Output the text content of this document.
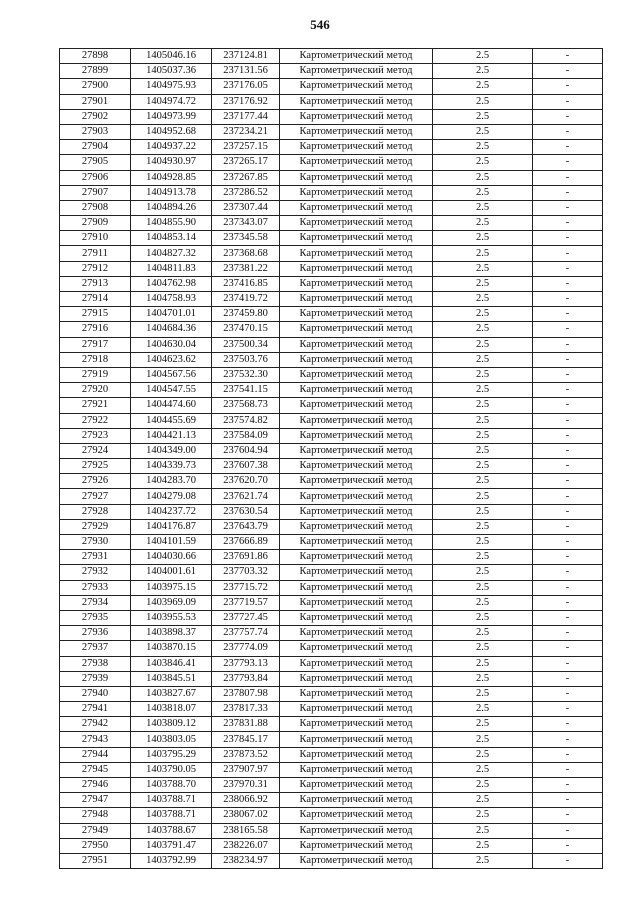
546
27898	1405046.16	237124.81	Картометрический метод	2.5	-
27899	1405037.36	237131.56	Картометрический метод	2.5	-
27900	1404975.93	237176.05	Картометрический метод	2.5	-
27901	1404974.72	237176.92	Картометрический метод	2.5	-
27902	1404973.99	237177.44	Картометрический метод	2.5	-
27903	1404952.68	237234.21	Картометрический метод	2.5	-
27904	1404937.22	237257.15	Картометрический метод	2.5	-
27905	1404930.97	237265.17	Картометрический метод	2.5	-
27906	1404928.85	237267.85	Картометрический метод	2.5	-
27907	1404913.78	237286.52	Картометрический метод	2.5	-
27908	1404894.26	237307.44	Картометрический метод	2.5	-
27909	1404855.90	237343.07	Картометрический метод	2.5	-
27910	1404853.14	237345.58	Картометрический метод	2.5	-
27911	1404827.32	237368.68	Картометрический метод	2.5	-
27912	1404811.83	237381.22	Картометрический метод	2.5	-
27913	1404762.98	237416.85	Картометрический метод	2.5	-
27914	1404758.93	237419.72	Картометрический метод	2.5	-
27915	1404701.01	237459.80	Картометрический метод	2.5	-
27916	1404684.36	237470.15	Картометрический метод	2.5	-
27917	1404630.04	237500.34	Картометрический метод	2.5	-
27918	1404623.62	237503.76	Картометрический метод	2.5	-
27919	1404567.56	237532.30	Картометрический метод	2.5	-
27920	1404547.55	237541.15	Картометрический метод	2.5	-
27921	1404474.60	237568.73	Картометрический метод	2.5	-
27922	1404455.69	237574.82	Картометрический метод	2.5	-
27923	1404421.13	237584.09	Картометрический метод	2.5	-
27924	1404349.00	237604.94	Картометрический метод	2.5	-
27925	1404339.73	237607.38	Картометрический метод	2.5	-
27926	1404283.70	237620.70	Картометрический метод	2.5	-
27927	1404279.08	237621.74	Картометрический метод	2.5	-
27928	1404237.72	237630.54	Картометрический метод	2.5	-
27929	1404176.87	237643.79	Картометрический метод	2.5	-
27930	1404101.59	237666.89	Картометрический метод	2.5	-
27931	1404030.66	237691.86	Картометрический метод	2.5	-
27932	1404001.61	237703.32	Картометрический метод	2.5	-
27933	1403975.15	237715.72	Картометрический метод	2.5	-
27934	1403969.09	237719.57	Картометрический метод	2.5	-
27935	1403955.53	237727.45	Картометрический метод	2.5	-
27936	1403898.37	237757.74	Картометрический метод	2.5	-
27937	1403870.15	237774.09	Картометрический метод	2.5	-
27938	1403846.41	237793.13	Картометрический метод	2.5	-
27939	1403845.51	237793.84	Картометрический метод	2.5	-
27940	1403827.67	237807.98	Картометрический метод	2.5	-
27941	1403818.07	237817.33	Картометрический метод	2.5	-
27942	1403809.12	237831.88	Картометрический метод	2.5	-
27943	1403803.05	237845.17	Картометрический метод	2.5	-
27944	1403795.29	237873.52	Картометрический метод	2.5	-
27945	1403790.05	237907.97	Картометрический метод	2.5	-
27946	1403788.70	237970.31	Картометрический метод	2.5	-
27947	1403788.71	238066.92	Картометрический метод	2.5	-
27948	1403788.71	238067.02	Картометрический метод	2.5	-
27949	1403788.67	238165.58	Картометрический метод	2.5	-
27950	1403791.47	238226.07	Картометрический метод	2.5	-
27951	1403792.99	238234.97	Картометрический метод	2.5	-
